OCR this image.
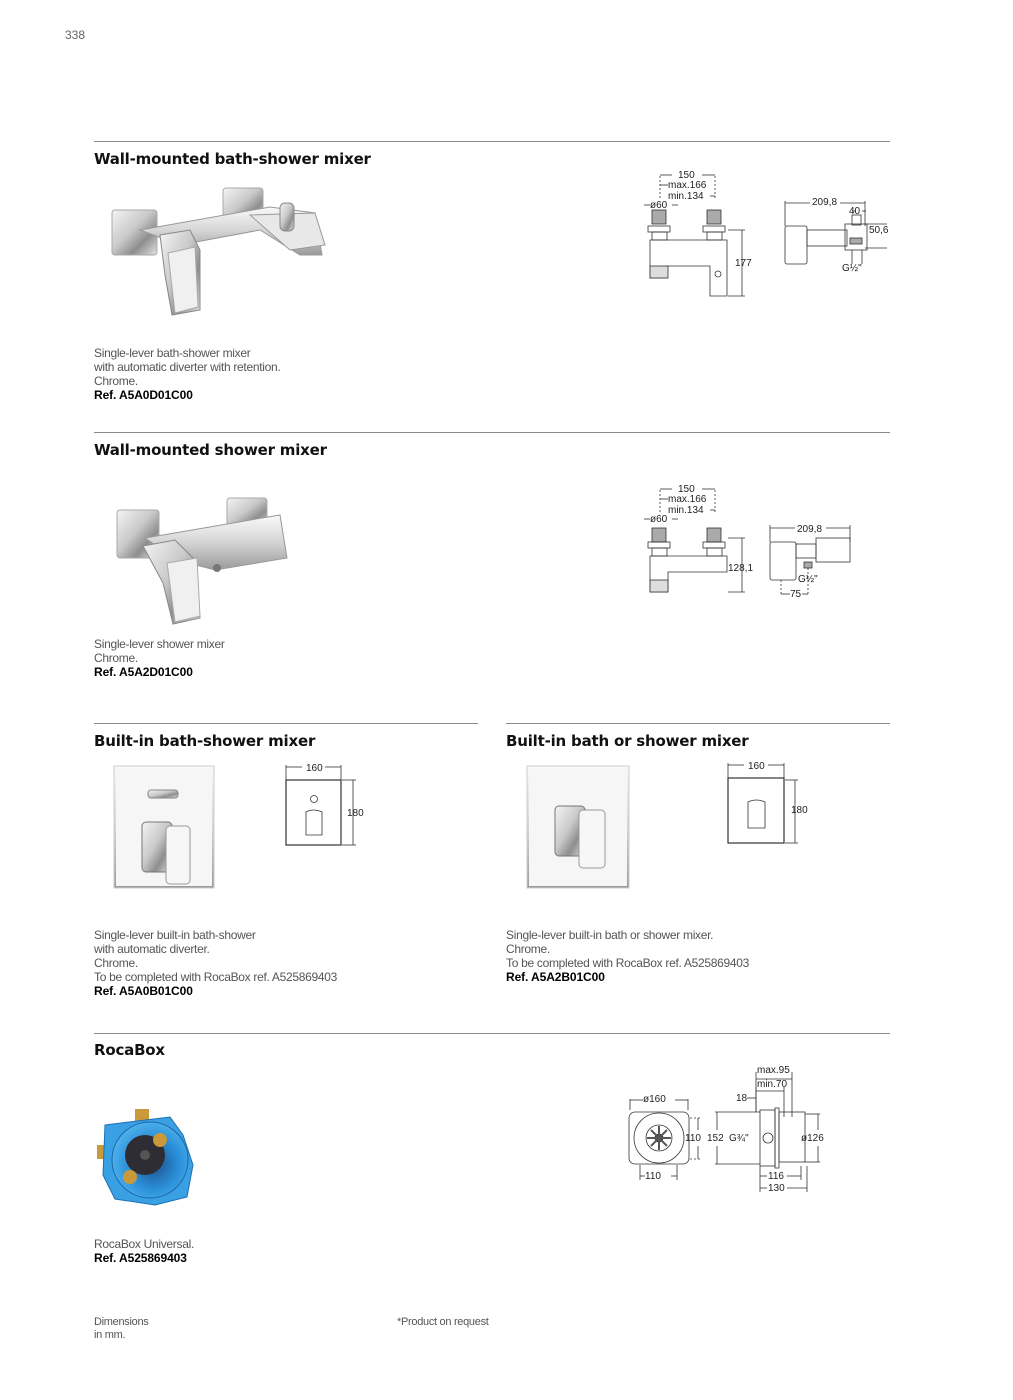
338
Wall-mounted bath-shower mixer
150
max.166
min.134
ø60
177
209,8
40
50,6
G½"
Single-lever bath-shower mixer
with automatic diverter with retention.
Chrome.
Ref. A5A0D01C00
Wall-mounted shower mixer
150
max.166
min.134
ø60
128,1
209,8
G½"
75
Single-lever shower mixer
Chrome.
Ref. A5A2D01C00
Built-in bath-shower mixer
160
180
Single-lever built-in bath-shower
with automatic diverter.
Chrome.
To be completed with RocaBox ref. A525869403
Ref. A5A0B01C00
Built-in bath or shower mixer
160
180
Single-lever built-in bath or shower mixer.
Chrome.
To be completed with RocaBox ref. A525869403
Ref. A5A2B01C00
RocaBox
ø160
110
110
max.95
min.70
18
152 G¾"	ø126
116
130
RocaBox Universal.
Ref. A525869403
Dimensions
in mm.
*Product on request
